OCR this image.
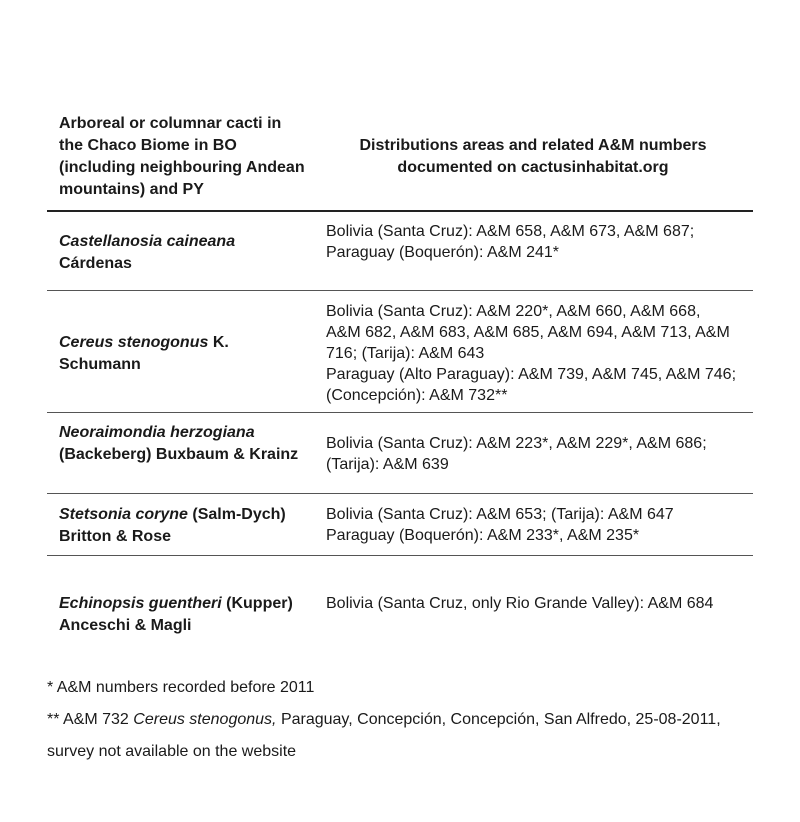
Arboreal or columnar cacti in the Chaco Biome in BO (including neighbouring Andean mountains) and PY
Distributions areas and related A&M numbers documented on cactusinhabitat.org
Castellanosia caineana Cárdenas
Bolivia (Santa Cruz): A&M 658, A&M 673, A&M 687;
Paraguay (Boquerón): A&M 241*
Cereus stenogonus K. Schumann
Bolivia (Santa Cruz): A&M 220*, A&M 660, A&M 668, A&M 682, A&M 683, A&M 685, A&M 694, A&M 713, A&M 716; (Tarija): A&M 643
Paraguay (Alto Paraguay): A&M 739, A&M 745, A&M 746; (Concepción): A&M 732**
Neoraimondia herzogiana (Backeberg) Buxbaum & Krainz
Bolivia (Santa Cruz): A&M 223*, A&M 229*, A&M 686; (Tarija): A&M 639
Stetsonia coryne (Salm-Dych) Britton & Rose
Bolivia (Santa Cruz): A&M 653; (Tarija): A&M 647
Paraguay (Boquerón): A&M 233*, A&M 235*
Echinopsis guentheri (Kupper) Anceschi & Magli
Bolivia (Santa Cruz, only Rio Grande Valley): A&M 684
* A&M numbers recorded before 2011
** A&M 732 Cereus stenogonus, Paraguay, Concepción, Concepción, San Alfredo, 25-08-2011, survey not available on the website
